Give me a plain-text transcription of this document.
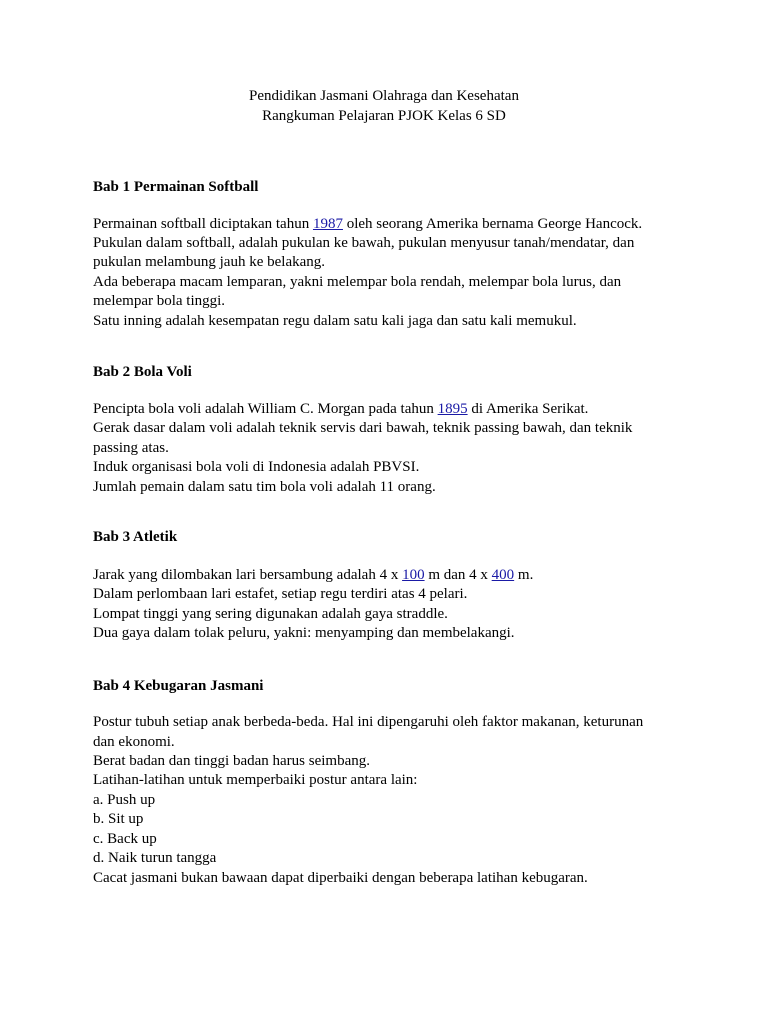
Pendidikan Jasmani Olahraga dan Kesehatan
Rangkuman Pelajaran PJOK Kelas 6 SD
Bab 1 Permainan Softball
Permainan softball diciptakan tahun 1987 oleh seorang Amerika bernama George Hancock.
Pukulan dalam softball, adalah pukulan ke bawah, pukulan menyusur tanah/mendatar, dan
pukulan melambung jauh ke belakang.
Ada beberapa macam lemparan, yakni melempar bola rendah, melempar bola lurus, dan
melempar bola tinggi.
Satu inning adalah kesempatan regu dalam satu kali jaga dan satu kali memukul.
Bab 2 Bola Voli
Pencipta bola voli adalah William C. Morgan pada tahun 1895 di Amerika Serikat.
Gerak dasar dalam voli adalah teknik servis dari bawah, teknik passing bawah, dan teknik
passing atas.
Induk organisasi bola voli di Indonesia adalah PBVSI.
Jumlah pemain dalam satu tim bola voli adalah 11 orang.
Bab 3 Atletik
Jarak yang dilombakan lari bersambung adalah 4 x 100 m dan 4 x 400 m.
Dalam perlombaan lari estafet, setiap regu terdiri atas 4 pelari.
Lompat tinggi yang sering digunakan adalah gaya straddle.
Dua gaya dalam tolak peluru, yakni: menyamping dan membelakangi.
Bab 4 Kebugaran Jasmani
Postur tubuh setiap anak berbeda-beda. Hal ini dipengaruhi oleh faktor makanan, keturunan
dan ekonomi.
Berat badan dan tinggi badan harus seimbang.
Latihan-latihan untuk memperbaiki postur antara lain:
a. Push up
b. Sit up
c. Back up
d. Naik turun tangga
Cacat jasmani bukan bawaan dapat diperbaiki dengan beberapa latihan kebugaran.
